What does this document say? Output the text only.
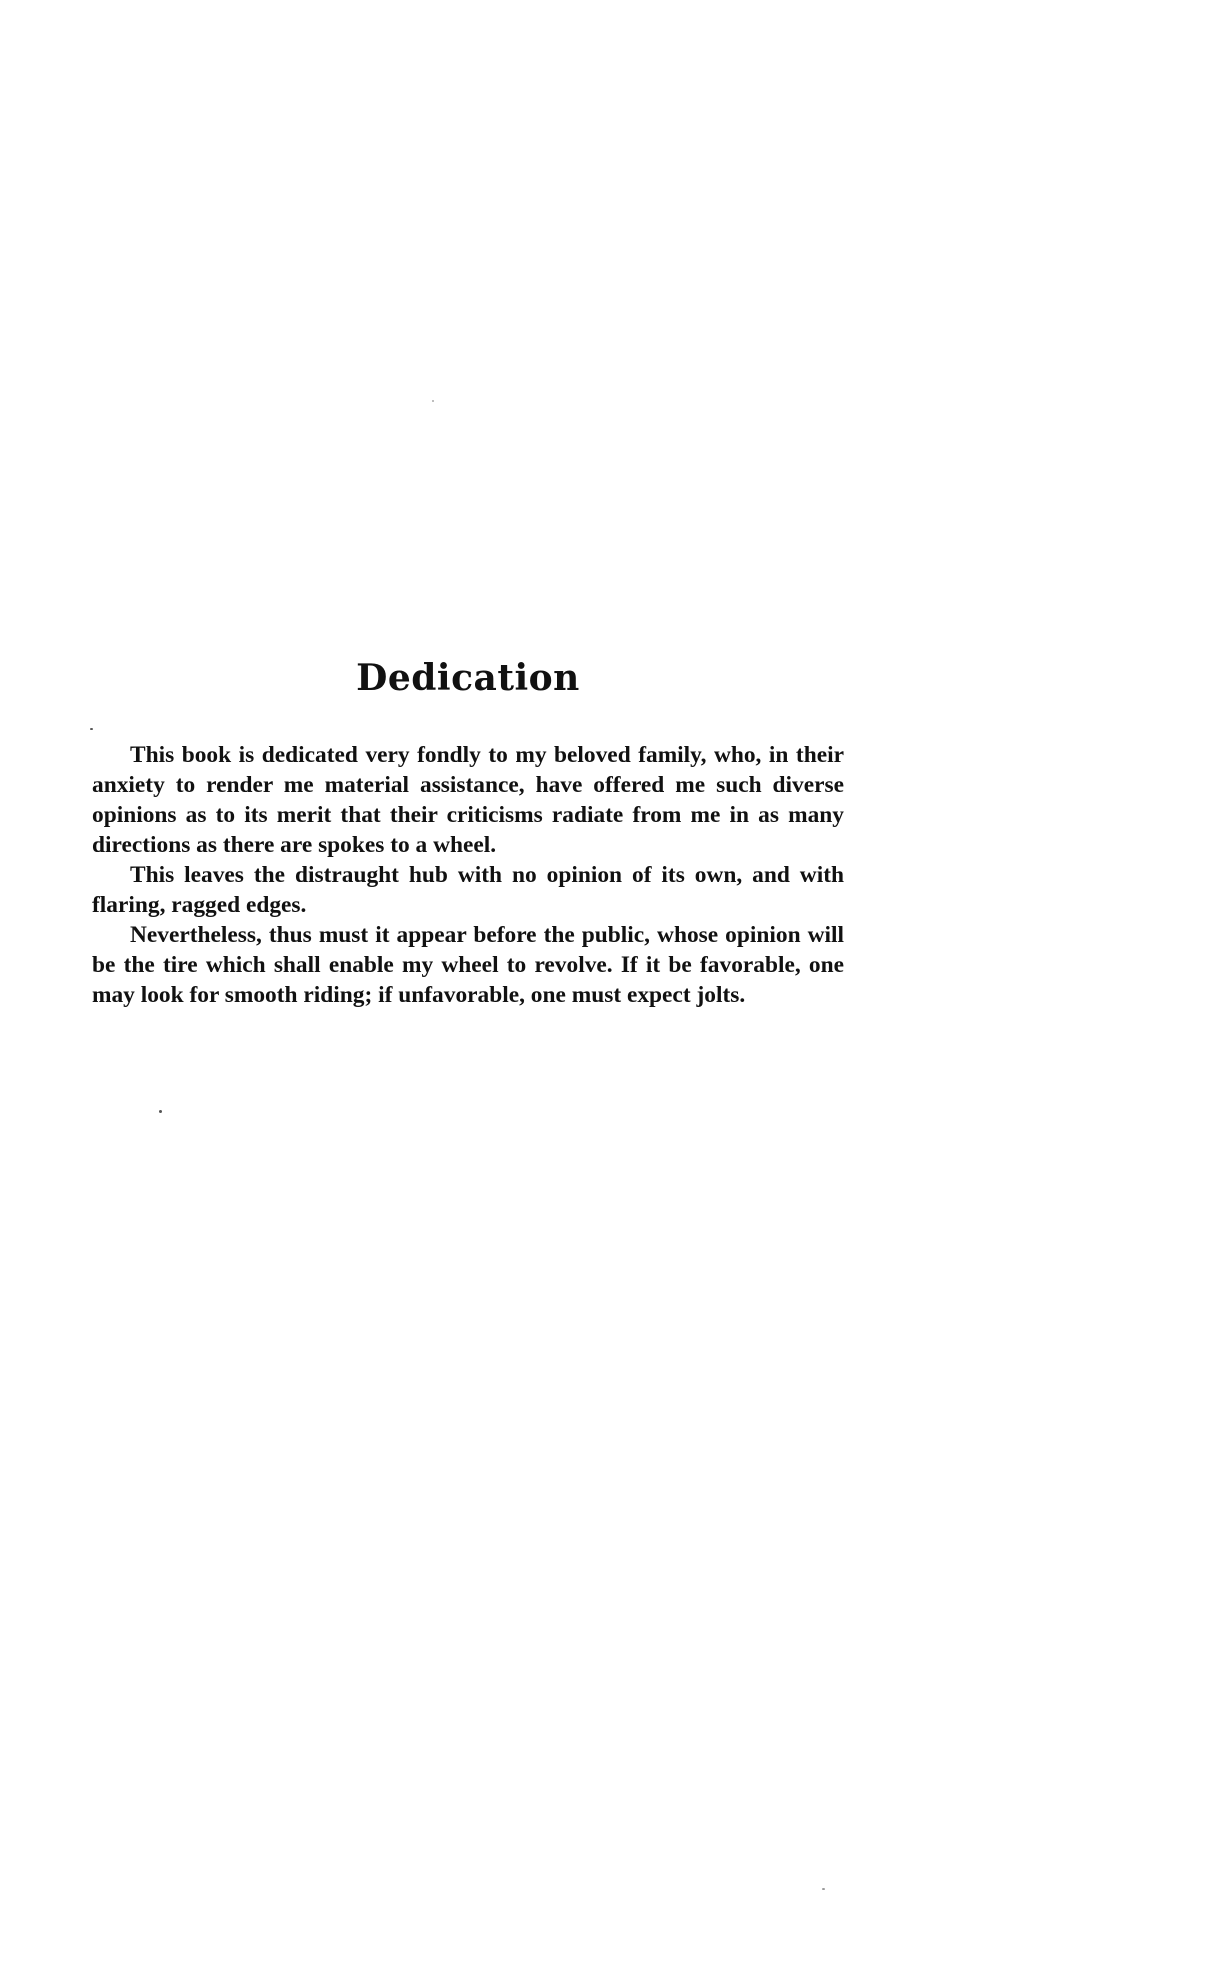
Dedication

This book is dedicated very fondly to my beloved family, who, in their anxiety to render me material assistance, have offered me such diverse opinions as to its merit that their criticisms radiate from me in as many directions as there are spokes to a wheel.

This leaves the distraught hub with no opinion of its own, and with flaring, ragged edges.

Nevertheless, thus must it appear before the public, whose opinion will be the tire which shall enable my wheel to revolve. If it be favorable, one may look for smooth riding; if unfavorable, one must expect jolts.
